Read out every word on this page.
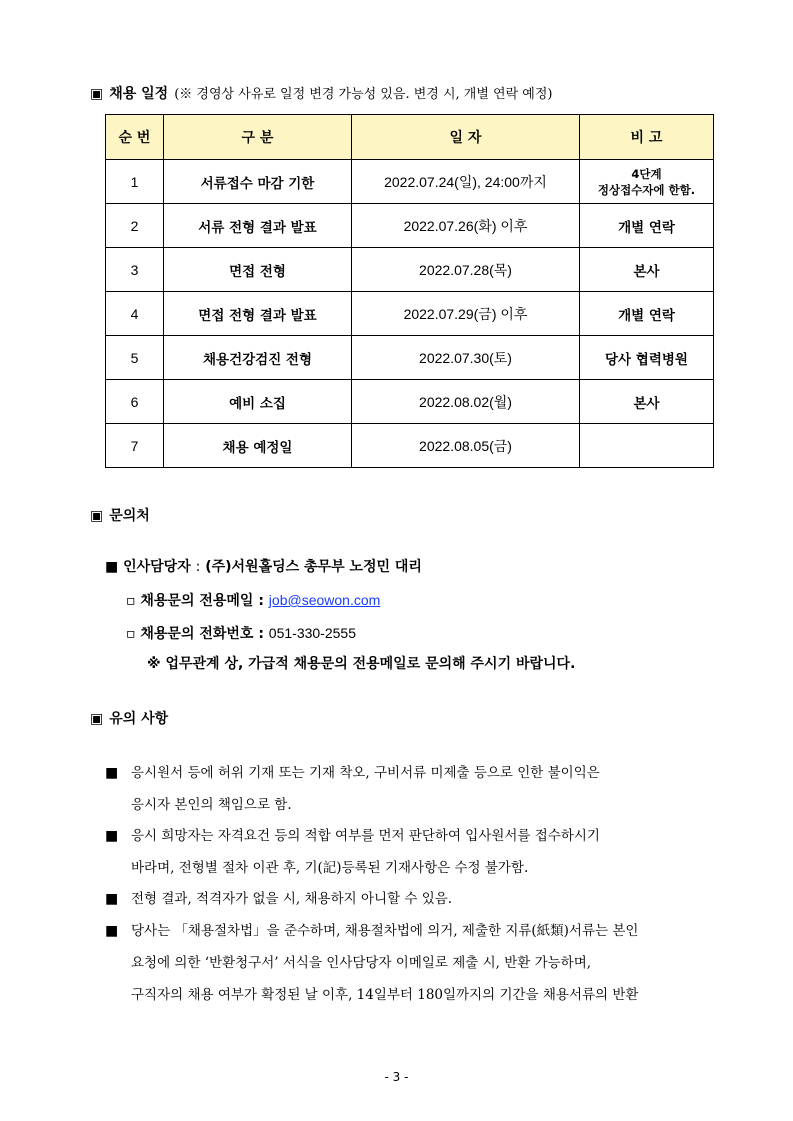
▣ 채용 일정 (※ 경영상 사유로 일정 변경 가능성 있음. 변경 시, 개별 연락 예정)
순 번	구 분	일 자	비 고
1	서류접수 마감 기한	2022.07.24(일), 24:00까지	4단계
정상접수자에 한함.

2	서류 전형 결과 발표	2022.07.26(화) 이후	개별 연락
3	면접 전형	2022.07.28(목)	본사
4	면접 전형 결과 발표	2022.07.29(금) 이후	개별 연락
5	채용건강검진 전형	2022.07.30(토)	당사 협력병원
6	예비 소집	2022.08.02(월)	본사
7	채용 예정일	2022.08.05(금)	
▣ 문의처
■ 인사담당자 : (주)서원홀딩스 총무부 노정민 대리
▫ 채용문의 전용메일 : job@seowon.com
▫ 채용문의 전화번호 : 051-330-2555
※ 업무관계 상, 가급적 채용문의 전용메일로 문의해 주시기 바랍니다.
▣ 유의 사항
■ 응시원서 등에 허위 기재 또는 기재 착오, 구비서류 미제출 등으로 인한 불이익은
응시자 본인의 책임으로 함.
■ 응시 희망자는 자격요건 등의 적합 여부를 먼저 판단하여 입사원서를 접수하시기
바라며, 전형별 절차 이관 후, 기(記)등록된 기재사항은 수정 불가함.
■ 전형 결과, 적격자가 없을 시, 채용하지 아니할 수 있음.
■ 당사는 「채용절차법」을 준수하며, 채용절차법에 의거, 제출한 지류(紙類)서류는 본인
요청에 의한 ‘반환청구서’ 서식을 인사담당자 이메일로 제출 시, 반환 가능하며,
구직자의 채용 여부가 확정된 날 이후, 14일부터 180일까지의 기간을 채용서류의 반환
- 3 -
